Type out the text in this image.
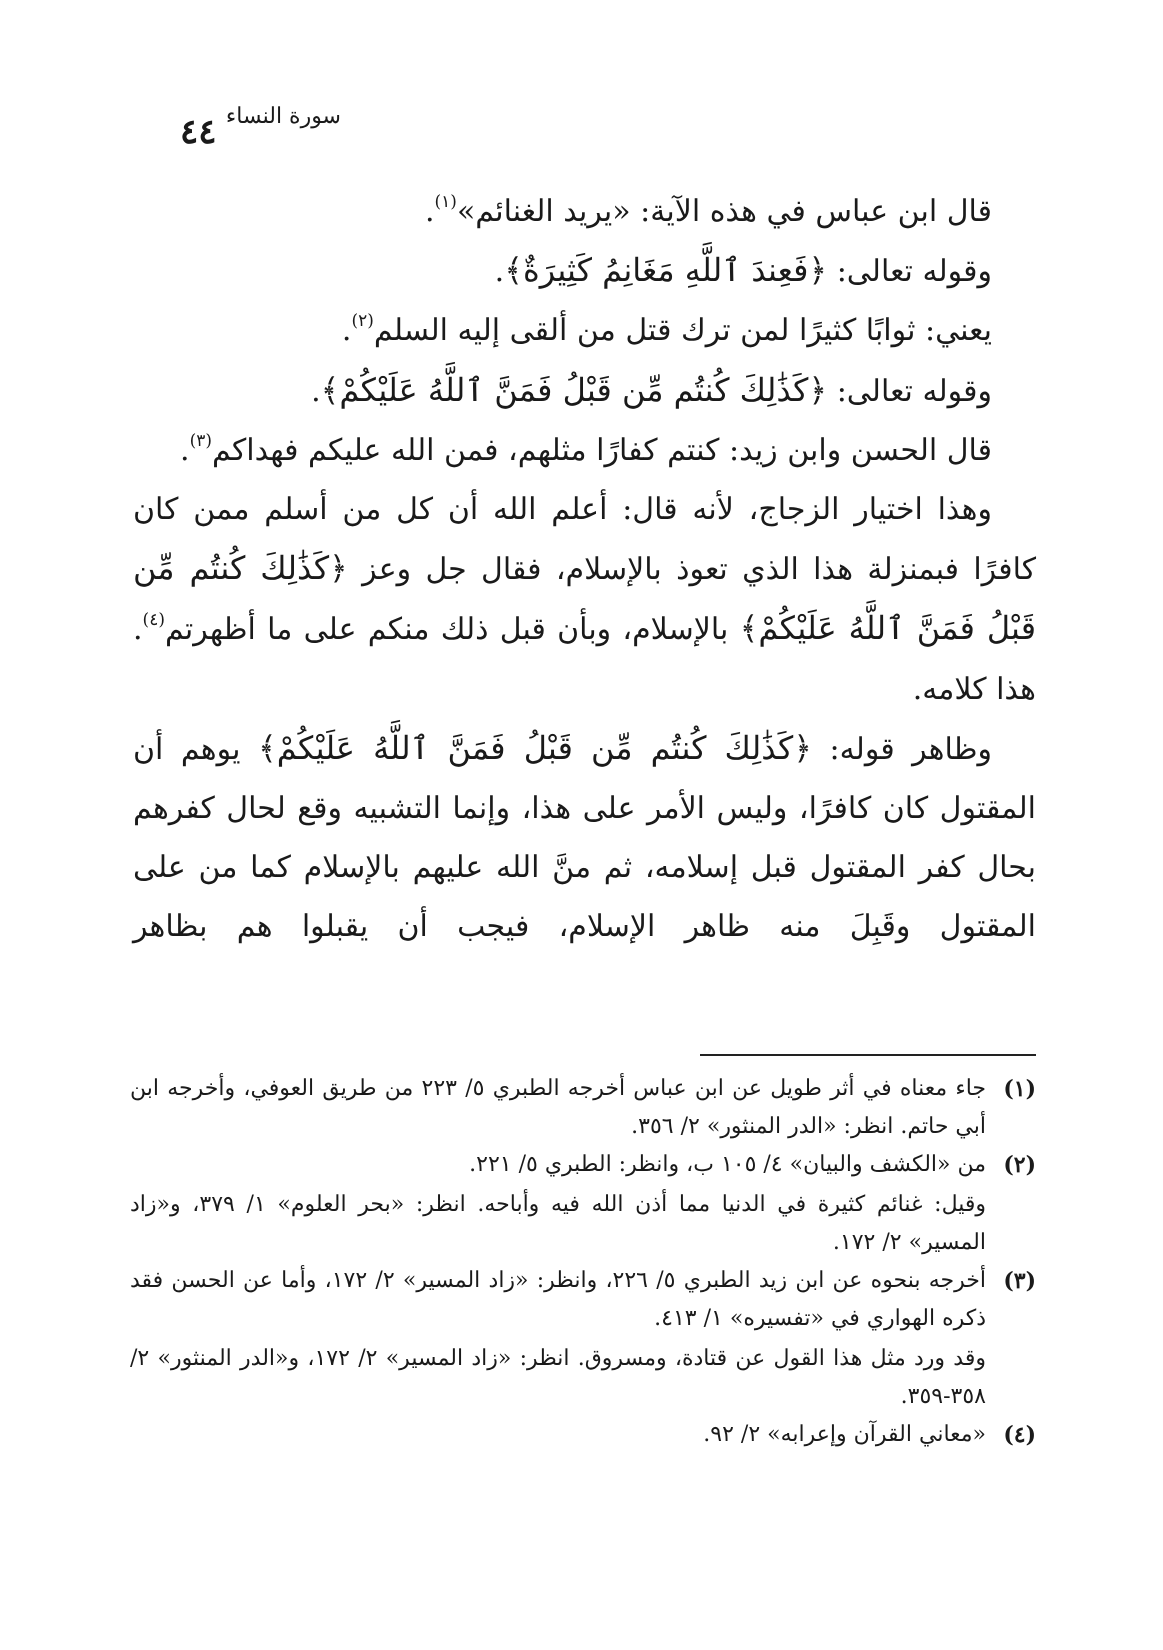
٤٤ سورة النساء

قال ابن عباس في هذه الآية: «يريد الغنائم»$^{(١)}$.

وقوله تعالى: ﴿فَعِندَ ٱللَّهِ مَغَانِمُ كَثِيرَةٌ﴾.

يعني: ثوابًا كثيرًا لمن ترك قتل من ألقى إليه السلم$^{(٢)}$.

وقوله تعالى: ﴿كَذَٰلِكَ كُنتُم مِّن قَبْلُ فَمَنَّ ٱللَّهُ عَلَيْكُمْ﴾.

قال الحسن وابن زيد: كنتم كفارًا مثلهم، فمن الله عليكم فهداكم$^{(٣)}$.

وهذا اختيار الزجاج، لأنه قال: أعلم الله أن كل من أسلم ممن كان كافرًا فبمنزلة هذا الذي تعوذ بالإسلام، فقال جل وعز ﴿كَذَٰلِكَ كُنتُم مِّن قَبْلُ فَمَنَّ ٱللَّهُ عَلَيْكُمْ﴾ بالإسلام، وبأن قبل ذلك منكم على ما أظهرتم$^{(٤)}$. هذا كلامه.

وظاهر قوله: ﴿كَذَٰلِكَ كُنتُم مِّن قَبْلُ فَمَنَّ ٱللَّهُ عَلَيْكُمْ﴾ يوهم أن المقتول كان كافرًا، وليس الأمر على هذا، وإنما التشبيه وقع لحال كفرهم بحال كفر المقتول قبل إسلامه، ثم منَّ الله عليهم بالإسلام كما من على المقتول وقَبِلَ منه ظاهر الإسلام، فيجب أن يقبلوا هم بظاهر

(١)

جاء معناه في أثر طويل عن ابن عباس أخرجه الطبري ٥/ ٢٢٣ من طريق العوفي، وأخرجه ابن أبي حاتم. انظر: «الدر المنثور» ٢/ ٣٥٦.

(٢)

من «الكشف والبيان» ٤/ ١٠٥ ب، وانظر: الطبري ٥/ ٢٢١.

وقيل: غنائم كثيرة في الدنيا مما أذن الله فيه وأباحه. انظر: «بحر العلوم» ١/ ٣٧٩، و«زاد المسير» ٢/ ١٧٢.

(٣)

أخرجه بنحوه عن ابن زيد الطبري ٥/ ٢٢٦، وانظر: «زاد المسير» ٢/ ١٧٢، وأما عن الحسن فقد ذكره الهواري في «تفسيره» ١/ ٤١٣.

وقد ورد مثل هذا القول عن قتادة، ومسروق. انظر: «زاد المسير» ٢/ ١٧٢، و«الدر المنثور» ٢/ ٣٥٨-٣٥٩.

(٤)

«معاني القرآن وإعرابه» ٢/ ٩٢.
